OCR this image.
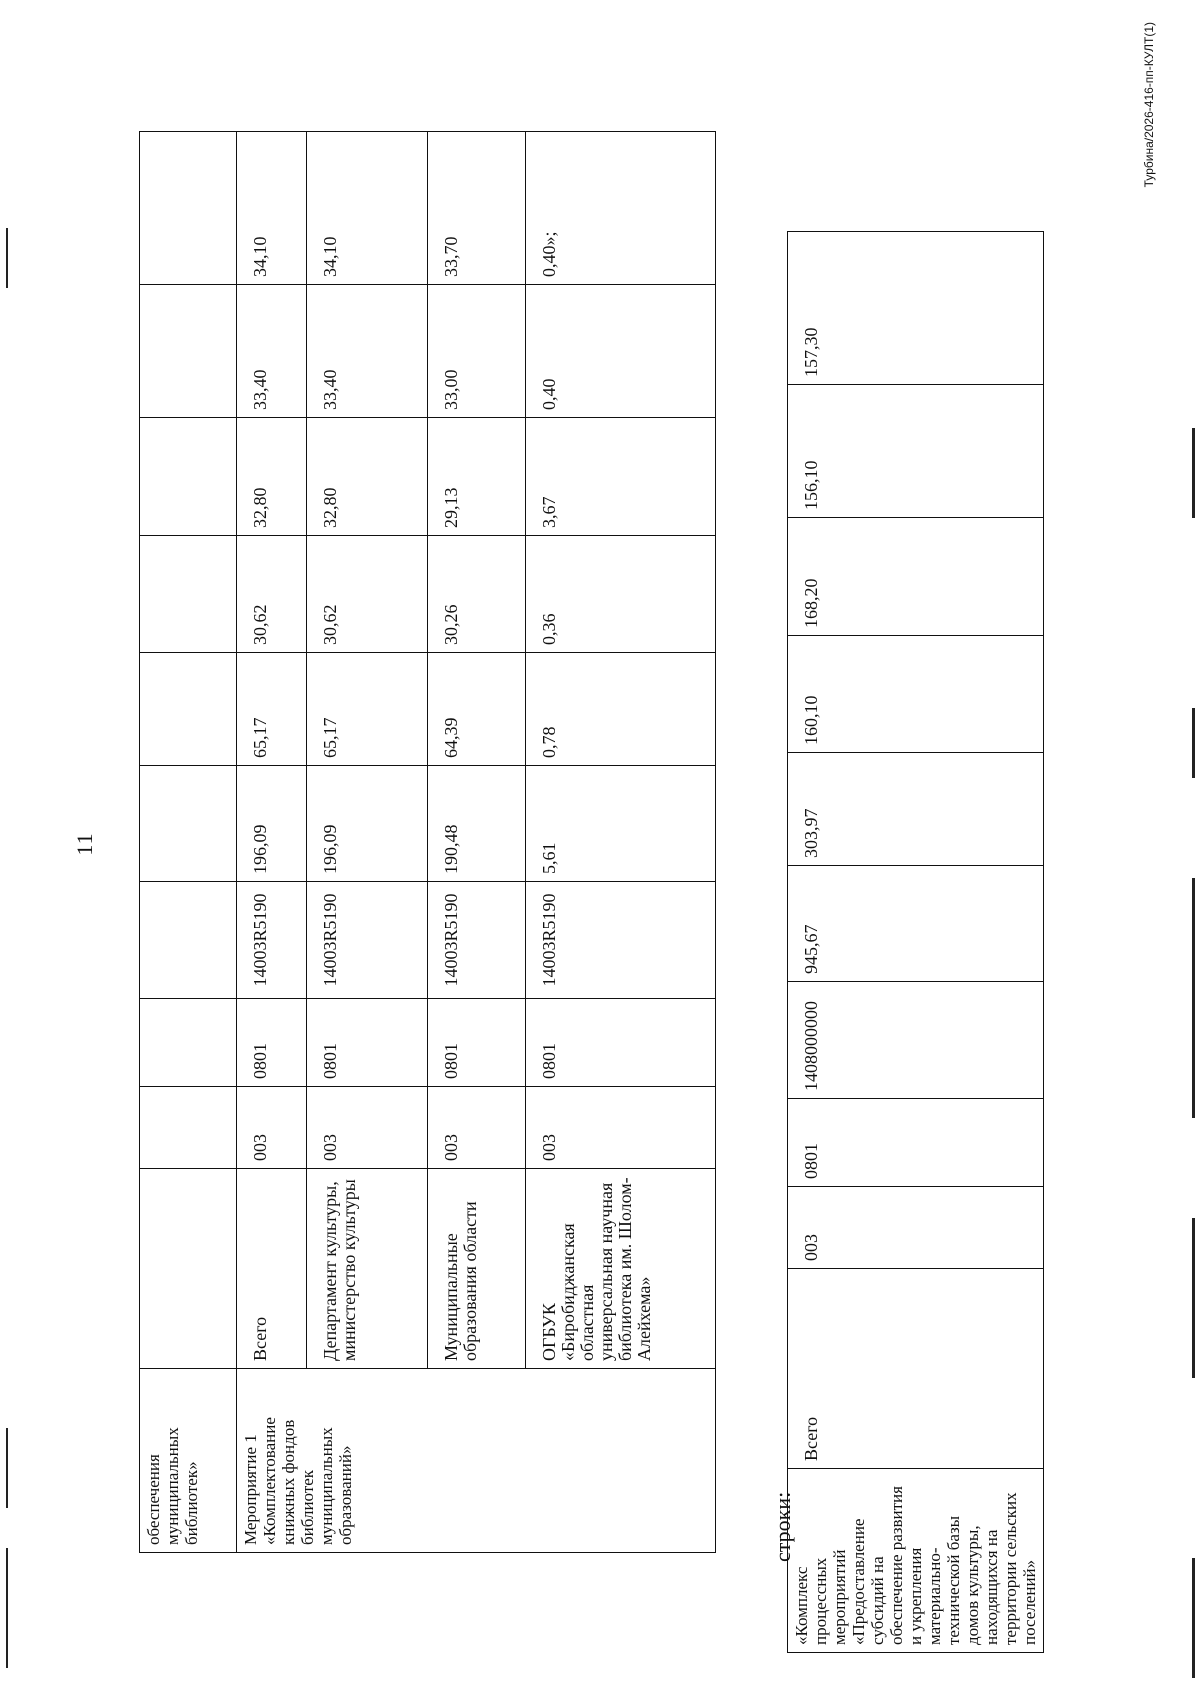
11
обеспечения муниципальных библиотек»										
Мероприятие 1 «Комплектование книжных фондов библиотек муниципальных образований»	Всего	003	0801	14003R5190	196,09	65,17	30,62	32,80	33,40	34,10
	Департамент культуры, министерство культуры	003	0801	14003R5190	196,09	65,17	30,62	32,80	33,40	34,10
	Муниципальные образования области	003	0801	14003R5190	190,48	64,39	30,26	29,13	33,00	33,70
	ОГБУК «Биробиджанская областная универсальная научная библиотека им. Шолом-Алейхема»	003	0801	14003R5190	5,61	0,78	0,36	3,67	0,40	0,40»;
строки:
«Комплекс процессных мероприятий «Предоставление субсидий на обеспечение развития и укрепления материально-технической базы домов культуры, находящихся на территории сельских поселений»	Всего	003	0801	1408000000	945,67	303,97	160,10	168,20	156,10	157,30
Турбина/2026-416-пп-КУЛТ(1)
